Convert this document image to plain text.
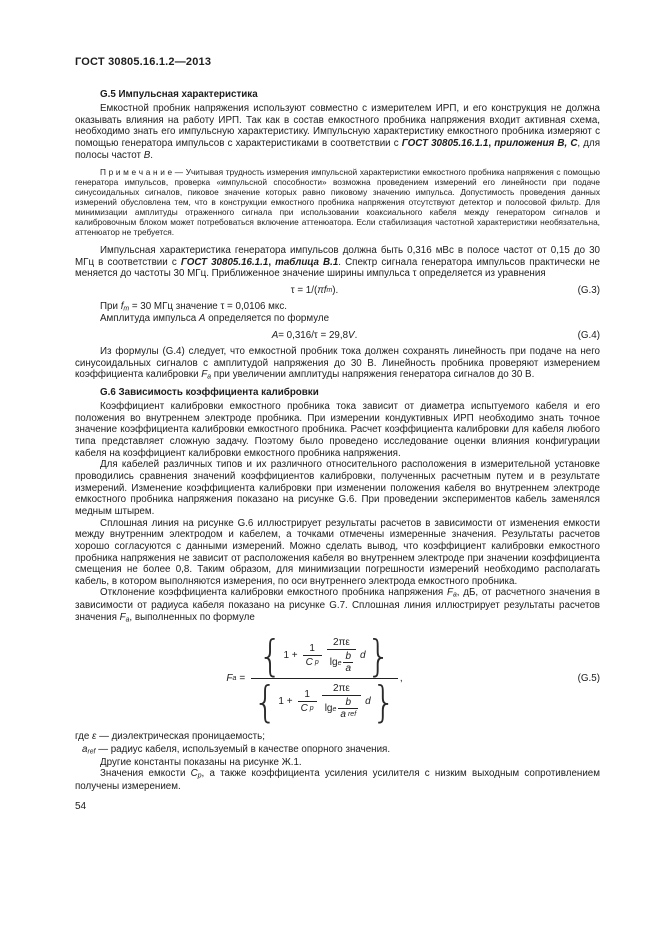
ГОСТ 30805.16.1.2—2013
G.5 Импульсная характеристика

Емкостной пробник напряжения используют совместно с измерителем ИРП, и его конструкция не должна оказывать влияния на работу ИРП. Так как в состав емкостного пробника напряжения входит активная схема, необходимо знать его импульсную характеристику. Импульсную характеристику емкостного пробника измеряют с помощью генератора импульсов с характеристиками в соответствии с ГОСТ 30805.16.1.1, приложения В, С, для полосы частот В.

П р и м е ч а н и е — Учитывая трудность измерения импульсной характеристики емкостного пробника напряжения с помощью генератора импульсов, проверка «импульсной способности» возможна проведением измерений его линейности при подаче синусоидальных сигналов, пиковое значение которых равно пиковому значению импульса. Допустимость проведения данных измерений обусловлена тем, что в конструкции емкостного пробника напряжения отсутствуют детектор и полосовой фильтр. Для минимизации амплитуды отраженного сигнала при использовании коаксиального кабеля между генератором сигналов и калибровочным блоком может потребоваться включение аттенюатора. Если стабилизация частотной характеристики необязательна, аттенюатор не требуется.

Импульсная характеристика генератора импульсов должна быть 0,316 мВс в полосе частот от 0,15 до 30 МГц в соответствии с ГОСТ 30805.16.1.1, таблица В.1. Спектр сигнала генератора импульсов практически не меняется до частоты 30 МГц. Приближенное значение ширины импульса τ определяется из уравнения

τ = 1/( πf m ).	(G.3)

При fm = 30 МГц значение τ = 0,0106 мкс.

Амплитуда импульса А определяется по формуле

A = 0,316/τ = 29,8 V .	(G.4)

Из формулы (G.4) следует, что емкостной пробник тока должен сохранять линейность при подаче на него синусоидальных сигналов с амплитудой напряжения до 30 В. Линейность пробника проверяют измерением коэффициента калибровки Fa при увеличении амплитуды напряжения генератора сигналов до 30 В.

G.6 Зависимость коэффициента калибровки

Коэффициент калибровки емкостного пробника тока зависит от диаметра испытуемого кабеля и его положения во внутреннем электроде пробника. При измерении кондуктивных ИРП необходимо знать точное значение коэффициента калибровки емкостного пробника. Расчет коэффициента калибровки для кабеля любого типа представляет сложную задачу. Поэтому было проведено исследование оценки влияния конфигурации кабеля на коэффициент калибровки емкостного пробника напряжения.

Для кабелей различных типов и их различного относительного расположения в измерительной установке проводились сравнения значений коэффициентов калибровки, полученных расчетным путем и в результате измерений. Изменение коэффициента калибровки при изменении положения кабеля во внутреннем электроде емкостного пробника напряжения показано на рисунке G.6. При проведении экспериментов кабель заменялся медным штырем.

Сплошная линия на рисунке G.6 иллюстрирует результаты расчетов в зависимости от изменения емкости между внутренним электродом и кабелем, а точками отмечены измеренные значения. Результаты расчетов хорошо согласуются с данными измерений. Можно сделать вывод, что коэффициент калибровки емкостного пробника напряжения не зависит от расположения кабеля во внутреннем электроде при значении коэффициента смещения не более 0,8. Таким образом, для минимизации погрешности измерений необходимо располагать кабель, в котором выполняются измерения, по оси внутреннего электрода емкостного пробника.

Отклонение коэффициента калибровки емкостного пробника напряжения Fa, дБ, от расчетного значения в зависимости от радиуса кабеля показано на рисунке G.7. Сплошная линия иллюстрирует результаты расчетов значения Fa, выполненных по формуле

F a = { $1 + \frac{1}{\text{C p}} \frac{2\pi\varepsilon}{\lg e \frac{b}{a}}$ d }
{ $1 + \frac{1}{\text{C p}}$
2πε
lg e $\frac{b}{\text{a ref}}$ d } ,	(G.5)

где ε — диэлектрическая проницаемость;

aref — радиус кабеля, используемый в качестве опорного значения.

Другие константы показаны на рисунке Ж.1.

Значения емкости Cp, а также коэффициента усиления усилителя с низким выходным сопротивлением получены измерением.

54
